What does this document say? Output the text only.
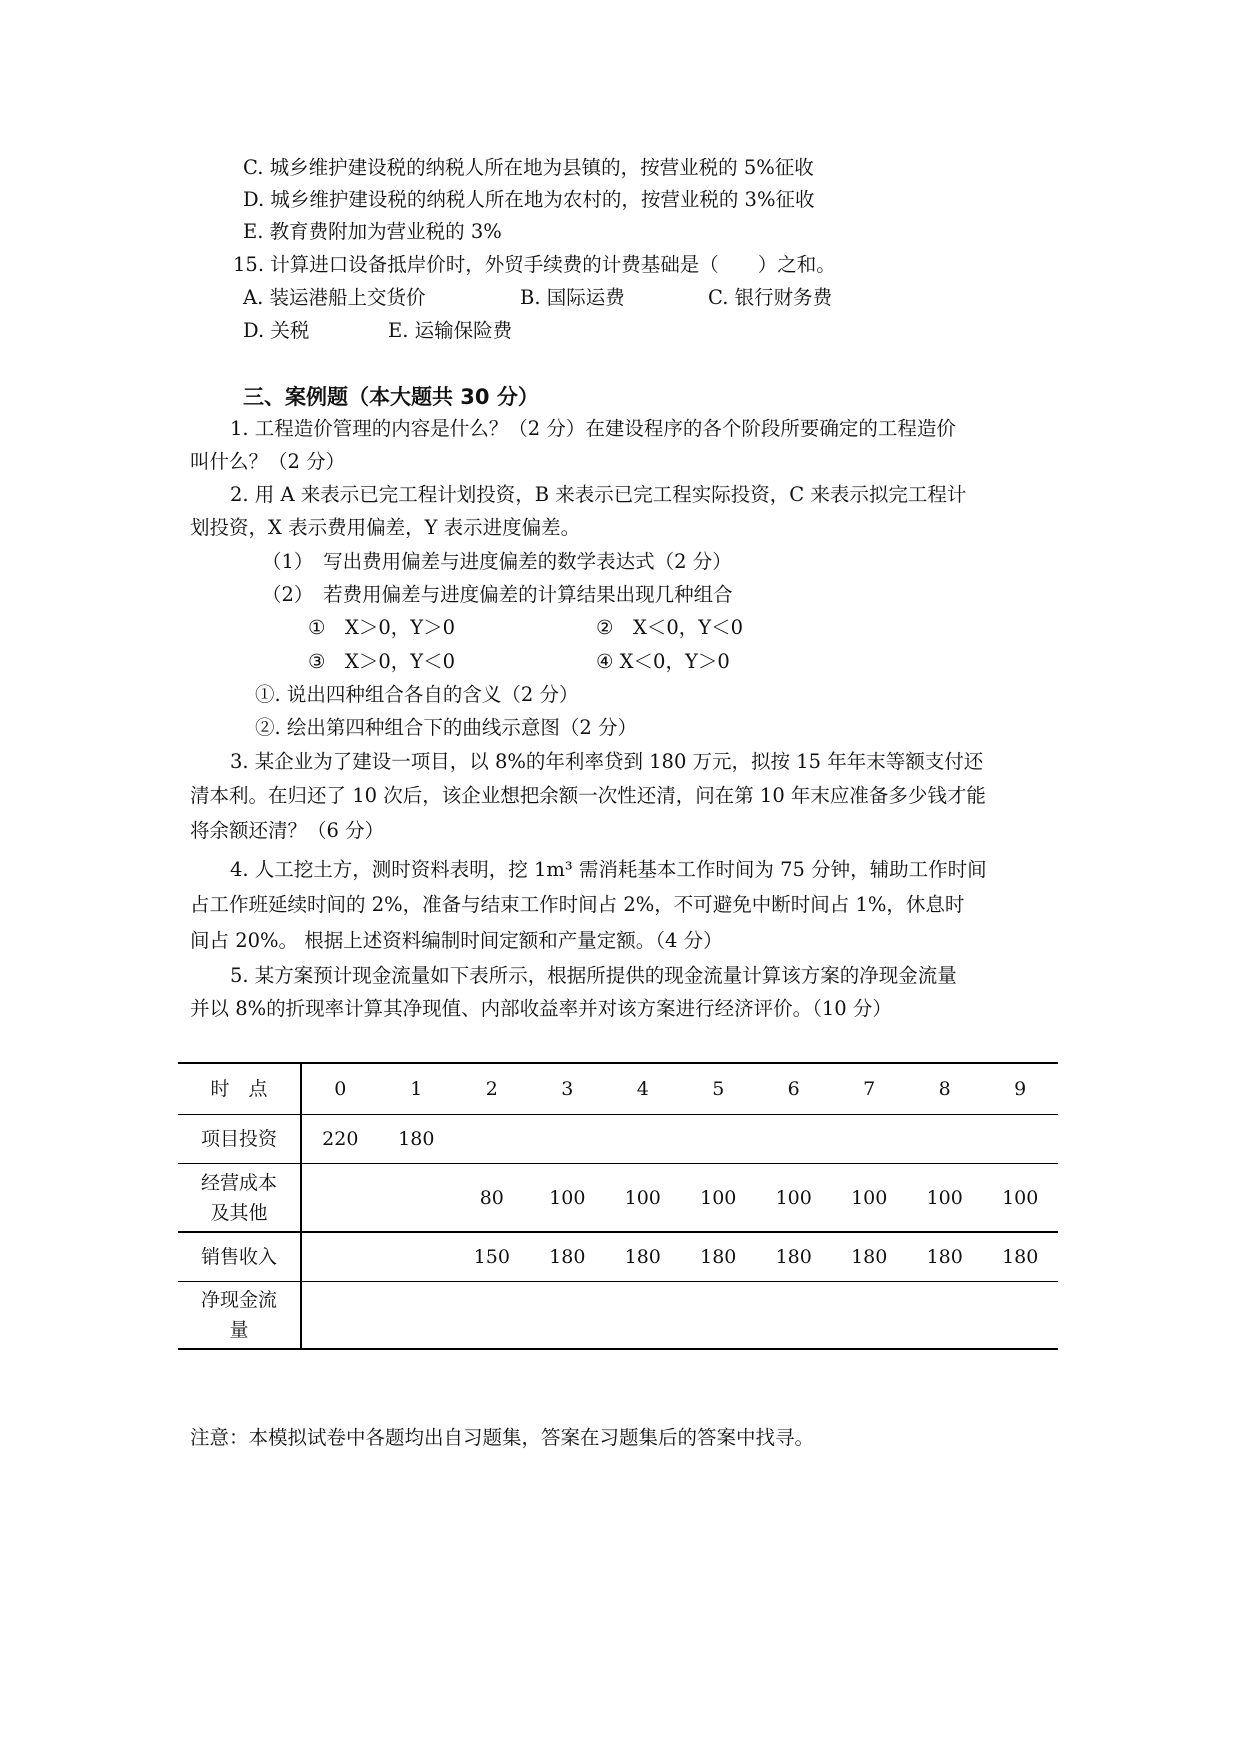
C. 城乡维护建设税的纳税人所在地为县镇的，按营业税的 5%征收
D. 城乡维护建设税的纳税人所在地为农村的，按营业税的 3%征收
E. 教育费附加为营业税的 3%
15. 计算进口设备抵岸价时，外贸手续费的计费基础是（　　）之和。
A. 装运港船上交货价	B. 国际运费	C. 银行财务费
D. 关税	E. 运输保险费
三、案例题（本大题共 30 分）
1. 工程造价管理的内容是什么？（2 分）在建设程序的各个阶段所要确定的工程造价
叫什么？（2 分）
2. 用 A 来表示已完工程计划投资，B 来表示已完工程实际投资，C 来表示拟完工程计
划投资，X 表示费用偏差，Y 表示进度偏差。
（1）　写出费用偏差与进度偏差的数学表达式（2 分）
（2）　若费用偏差与进度偏差的计算结果出现几种组合
①　X＞0，Y＞0	②　X＜0，Y＜0
③　X＞0，Y＜0	④ X＜0，Y＞0
①. 说出四种组合各自的含义（2 分）
②. 绘出第四种组合下的曲线示意图（2 分）
3. 某企业为了建设一项目，以 8%的年利率贷到 180 万元，拟按 15 年年末等额支付还
清本利。在归还了 10 次后，该企业想把余额一次性还清，问在第 10 年末应准备多少钱才能
将余额还清？（6 分）
4. 人工挖土方，测时资料表明，挖 1m³ 需消耗基本工作时间为 75 分钟，辅助工作时间
占工作班延续时间的 2%，准备与结束工作时间占 2%，不可避免中断时间占 1%，休息时
间占 20%。 根据上述资料编制时间定额和产量定额。（4 分）
5. 某方案预计现金流量如下表所示，根据所提供的现金流量计算该方案的净现金流量
并以 8%的折现率计算其净现值、内部收益率并对该方案进行经济评价。（10 分）
时　点	0	1	2	3	4	5	6	7	8	9
项目投资	220	180								
经营成本
及其他			80	100	100	100	100	100	100	100
销售收入			150	180	180	180	180	180	180	180
净现金流
量										
注意：本模拟试卷中各题均出自习题集，答案在习题集后的答案中找寻。
